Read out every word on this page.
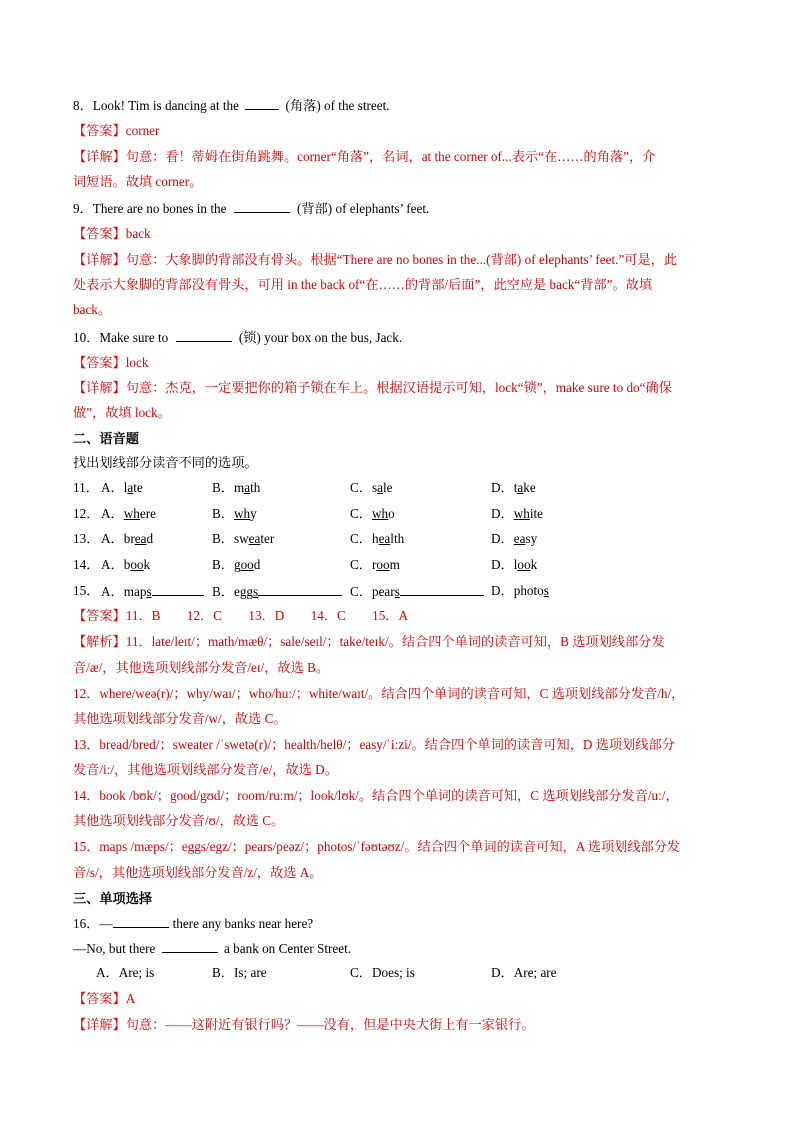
8．Look! Tim is dancing at the	(角落) of the street.
【答案】corner
【详解】句意：看！蒂姆在街角跳舞。corner“角落”，名词，at the corner of...表示“在……的角落”，介
词短语。故填 corner。
9．There are no bones in the	(背部) of elephants’ feet.
【答案】back
【详解】句意：大象脚的背部没有骨头。根据“There are no bones in the...(背部) of elephants’ feet.”可是，此
处表示大象脚的背部没有骨头，可用 in the back of“在……的背部/后面”，此空应是 back“背部”。故填
back。
10．Make sure to	(锁) your box on the bus, Jack.
【答案】lock
【详解】句意：杰克，一定要把你的箱子锁在车上。根据汉语提示可知，lock“锁”，make sure to do“确保
做”，故填 lock。
二、语音题
找出划线部分读音不同的选项。
11． A．late	B．math	C．sale	D．take
12． A．where	B．why	C．who	D．white
13． A．bread	B．sweater	C．health	D．easy
14． A．book	B．good	C．room	D．look
15． A．maps	B．eggs	C．pears	D．photos
【答案】11．B　　12．C　　13．D　　14．C　　15．A
【解析】11．late/leɪt/；math/mæθ/；sale/seɪl/；take/teɪk/。结合四个单词的读音可知，B 选项划线部分发
音/æ/，其他选项划线部分发音/eɪ/，故选 B。
12．where/weə(r)/；why/waɪ/；who/huː/；white/waɪt/。结合四个单词的读音可知，C 选项划线部分发音/h/，
其他选项划线部分发音/w/，故选 C。
13．bread/bred/；sweater /ˈswetə(r)/；health/helθ/；easy/ˈiːzi/。结合四个单词的读音可知，D 选项划线部分
发音/iː/，其他选项划线部分发音/e/，故选 D。
14．book /bʊk/；good/gʊd/；room/ruːm/；look/lʊk/。结合四个单词的读音可知，C 选项划线部分发音/uː/，
其他选项划线部分发音/ʊ/，故选 C。
15．maps /mæps/；eggs/egz/；pears/peəz/；photos/ˈfəʊtəʊz/。结合四个单词的读音可知，A 选项划线部分发
音/s/，其他选项划线部分发音/z/，故选 A。
三、单项选择
16．—	there any banks near here?
—No, but there	a bank on Center Street.
A．Are; is	B．Is; are	C．Does; is	D．Are; are
【答案】A
【详解】句意：——这附近有银行吗？——没有，但是中央大街上有一家银行。
